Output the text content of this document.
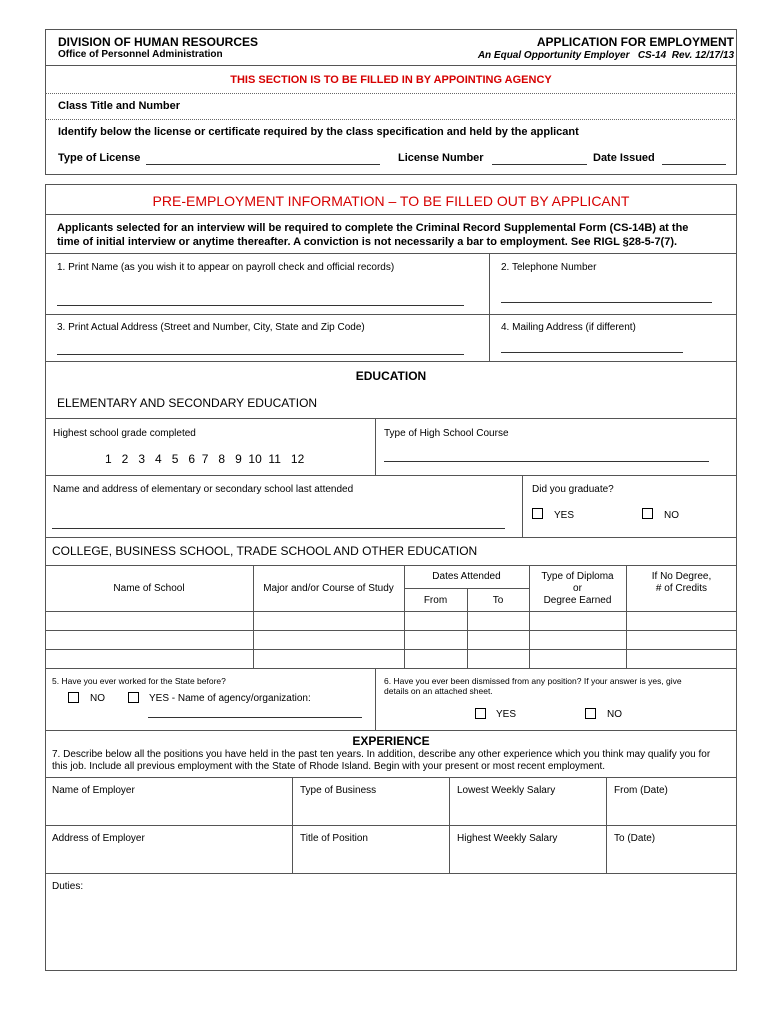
DIVISION OF HUMAN RESOURCES
Office of Personnel Administration
APPLICATION FOR EMPLOYMENT
An Equal Opportunity Employer   CS-14  Rev. 12/17/13
THIS SECTION IS TO BE FILLED IN BY APPOINTING AGENCY
Class Title and Number
Identify below the license or certificate required by the class specification and held by the applicant
Type of License	License Number	Date Issued
PRE-EMPLOYMENT INFORMATION – TO BE FILLED OUT BY APPLICANT
Applicants selected for an interview will be required to complete the Criminal Record Supplemental Form (CS-14B) at the
time of initial interview or anytime thereafter. A conviction is not necessarily a bar to employment. See RIGL §28-5-7(7).
1. Print Name (as you wish it to appear on payroll check and official records)	2. Telephone Number
3. Print Actual Address (Street and Number, City, State and Zip Code)	4. Mailing Address (if different)
EDUCATION
ELEMENTARY AND SECONDARY EDUCATION
Highest school grade completed	Type of High School Course
1   2   3   4   5   6  7   8   9  10  11   12
Name and address of elementary or secondary school last attended	Did you graduate?
YES	NO
COLLEGE, BUSINESS SCHOOL, TRADE SCHOOL AND OTHER EDUCATION
Name of School	Major and/or Course of Study
Dates Attended
From	To
Type of Diploma
or
Degree Earned
If No Degree,
# of Credits
5. Have you ever worked for the State before?
NO	YES - Name of agency/organization:
6. Have you ever been dismissed from any position? If your answer is yes, give
details on an attached sheet.
YES	NO
EXPERIENCE
7. Describe below all the positions you have held in the past ten years. In addition, describe any other experience which you think may qualify you for
this job. Include all previous employment with the State of Rhode Island. Begin with your present or most recent employment.
Name of Employer	Type of Business	Lowest Weekly Salary	From (Date)
Address of Employer	Title of Position	Highest Weekly Salary	To (Date)
Duties:
